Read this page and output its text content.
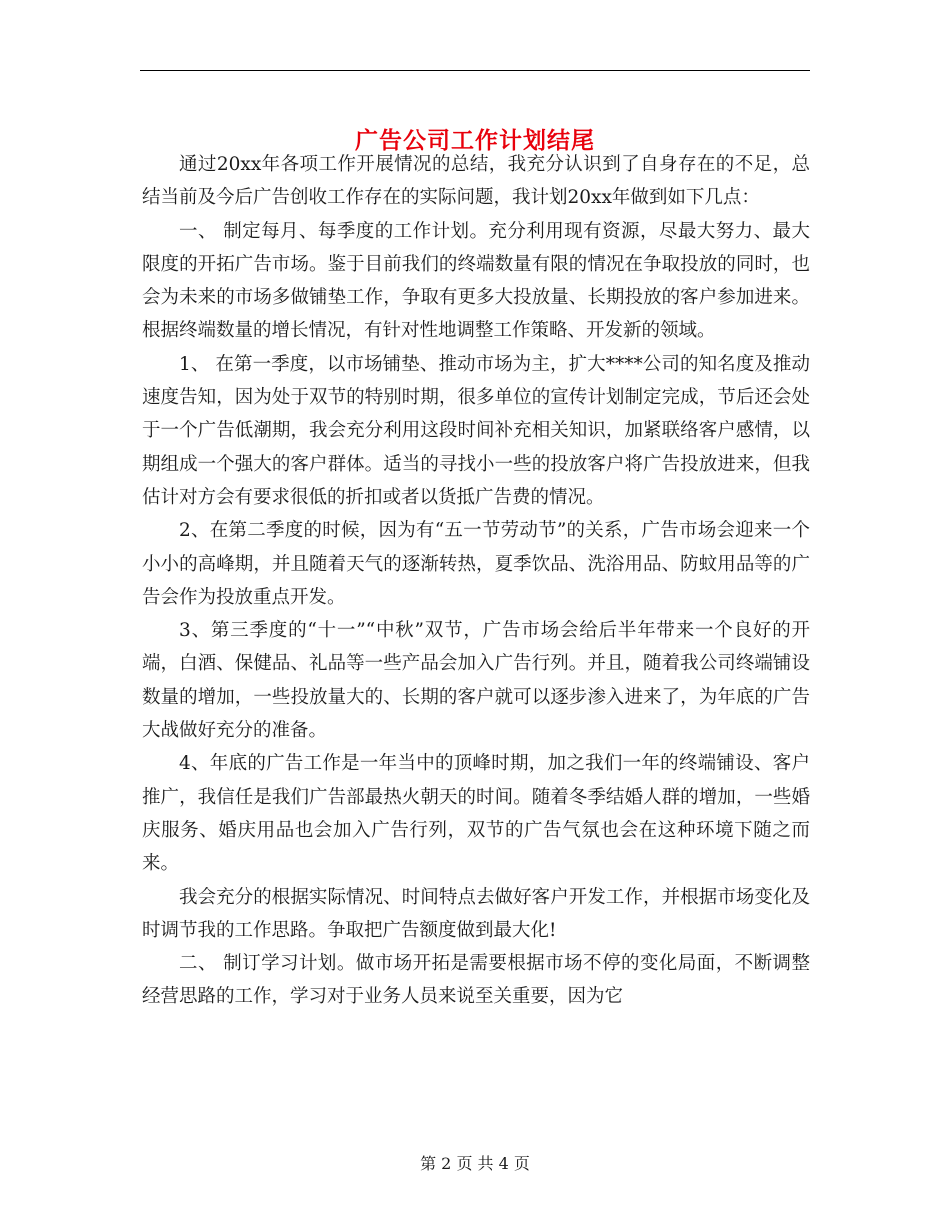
广告公司工作计划结尾

通过20xx年各项工作开展情况的总结，我充分认识到了自身存在的不足，总结当前及今后广告创收工作存在的实际问题，我计划20xx年做到如下几点：

一、 制定每月、每季度的工作计划。充分利用现有资源，尽最大努力、最大限度的开拓广告市场。鉴于目前我们的终端数量有限的情况在争取投放的同时，也会为未来的市场多做铺垫工作，争取有更多大投放量、长期投放的客户参加进来。根据终端数量的增长情况，有针对性地调整工作策略、开发新的领域。

1、 在第一季度，以市场铺垫、推动市场为主，扩大****公司的知名度及推动速度告知，因为处于双节的特别时期，很多单位的宣传计划制定完成，节后还会处于一个广告低潮期，我会充分利用这段时间补充相关知识，加紧联络客户感情，以期组成一个强大的客户群体。适当的寻找小一些的投放客户将广告投放进来，但我估计对方会有要求很低的折扣或者以货抵广告费的情况。

2、在第二季度的时候，因为有“五一节劳动节”的关系，广告市场会迎来一个小小的高峰期，并且随着天气的逐渐转热，夏季饮品、洗浴用品、防蚊用品等的广告会作为投放重点开发。

3、第三季度的“十一”“中秋”双节，广告市场会给后半年带来一个良好的开端，白酒、保健品、礼品等一些产品会加入广告行列。并且，随着我公司终端铺设数量的增加，一些投放量大的、长期的客户就可以逐步渗入进来了，为年底的广告大战做好充分的准备。

4、年底的广告工作是一年当中的顶峰时期，加之我们一年的终端铺设、客户推广，我信任是我们广告部最热火朝天的时间。随着冬季结婚人群的增加，一些婚庆服务、婚庆用品也会加入广告行列，双节的广告气氛也会在这种环境下随之而来。

我会充分的根据实际情况、时间特点去做好客户开发工作，并根据市场变化及时调节我的工作思路。争取把广告额度做到最大化!

二、 制订学习计划。做市场开拓是需要根据市场不停的变化局面，不断调整经营思路的工作，学习对于业务人员来说至关重要，因为它

第 2 页 共 4 页
